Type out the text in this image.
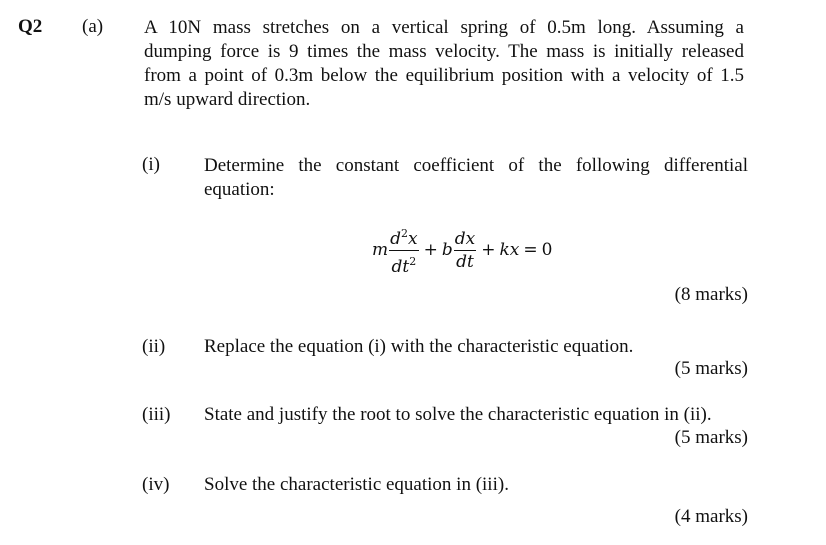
Q2 (a) A 10N mass stretches on a vertical spring of 0.5m long. Assuming a
dumping force is 9 times the mass velocity. The mass is initially released
from a point of 0.3m below the equilibrium position with a velocity of 1.5
m/s upward direction.
(i) Determine the constant coefficient of the following differential
equation:
m $\frac{d^2x}{dt^2} + b \frac{dx}{dt}$ + kx = 0
(8 marks)
(ii) Replace the equation (i) with the characteristic equation.
(5 marks)
(iii) State and justify the root to solve the characteristic equation in (ii).
(5 marks)
(iv) Solve the characteristic equation in (iii).
(4 marks)
